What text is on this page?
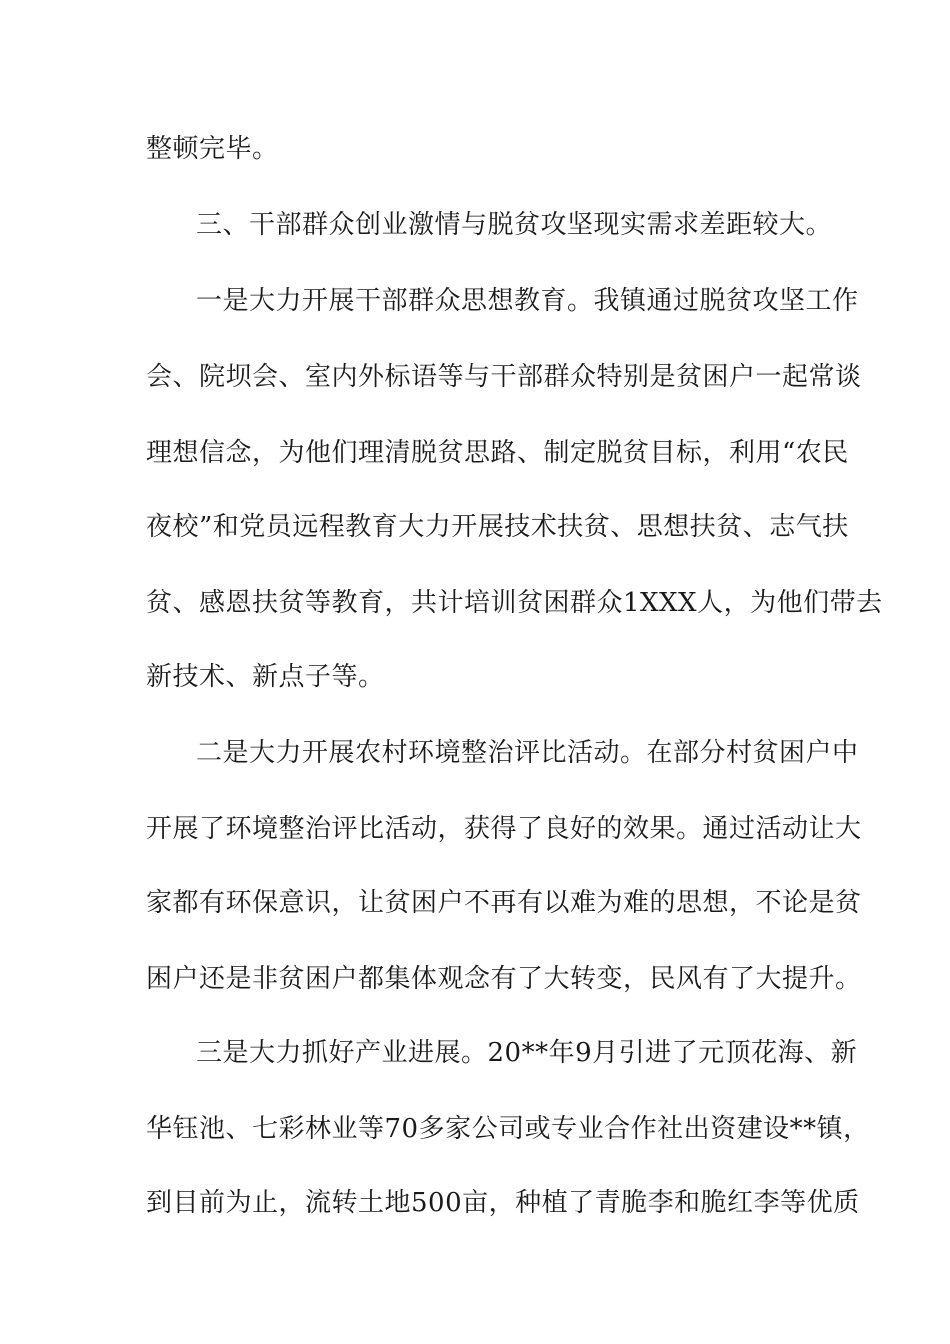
整顿完毕。
三、干部群众创业激情与脱贫攻坚现实需求差距较大。
一是大力开展干部群众思想教育。我镇通过脱贫攻坚工作
会、院坝会、室内外标语等与干部群众特别是贫困户一起常谈
理想信念，为他们理清脱贫思路、制定脱贫目标，利用“农民
夜校”和党员远程教育大力开展技术扶贫、思想扶贫、志气扶
贫、感恩扶贫等教育，共计培训贫困群众1XXX人，为他们带去
新技术、新点子等。
二是大力开展农村环境整治评比活动。在部分村贫困户中
开展了环境整治评比活动，获得了良好的效果。通过活动让大
家都有环保意识，让贫困户不再有以难为难的思想，不论是贫
困户还是非贫困户都集体观念有了大转变，民风有了大提升。
三是大力抓好产业进展。20**年9月引进了元顶花海、新
华钰池、七彩林业等70多家公司或专业合作社出资建设**镇，
到目前为止，流转土地500亩，种植了青脆李和脆红李等优质
